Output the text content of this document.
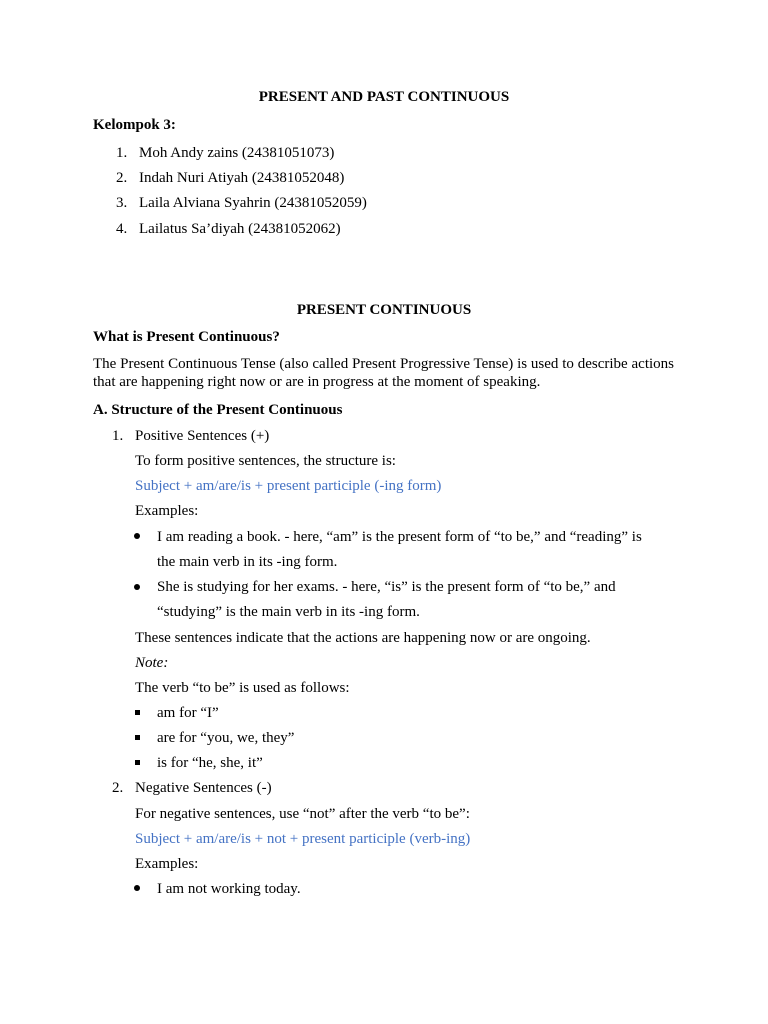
PRESENT AND PAST CONTINUOUS
Kelompok 3:
1. Moh Andy zains (24381051073)
2. Indah Nuri Atiyah (24381052048)
3. Laila Alviana Syahrin (24381052059)
4. Lailatus Sa’diyah (24381052062)
PRESENT CONTINUOUS
What is Present Continuous?
The Present Continuous Tense (also called Present Progressive Tense) is used to describe actions that are happening right now or are in progress at the moment of speaking.
A. Structure of the Present Continuous
1. Positive Sentences (+)
To form positive sentences, the structure is:
Subject + am/are/is + present participle (-ing form)
Examples:
I am reading a book. - here, “am” is the present form of “to be,” and “reading” is
the main verb in its -ing form.
She is studying for her exams. - here, “is” is the present form of “to be,” and
“studying” is the main verb in its -ing form.
These sentences indicate that the actions are happening now or are ongoing.
Note:
The verb “to be” is used as follows:
am for “I”
are for “you, we, they”
is for “he, she, it”
2. Negative Sentences (-)
For negative sentences, use “not” after the verb “to be”:
Subject + am/are/is + not + present participle (verb-ing)
Examples:
I am not working today.
